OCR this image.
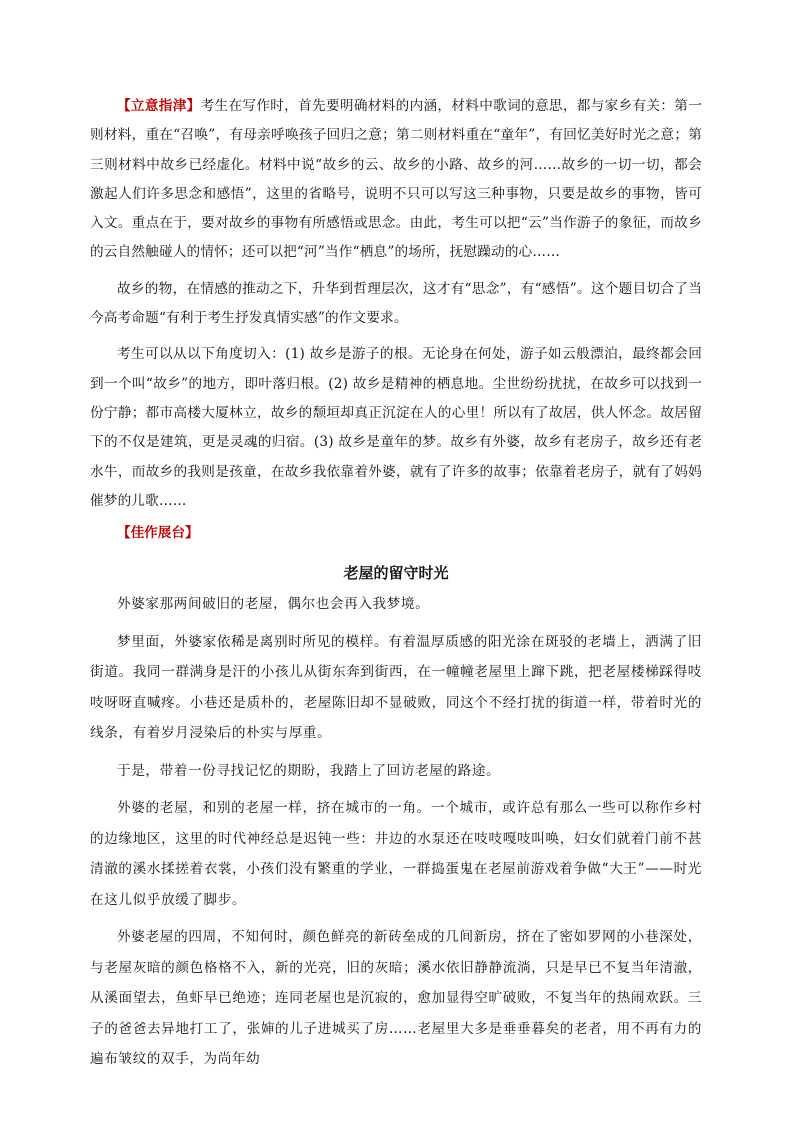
【立意指津】考生在写作时，首先要明确材料的内涵，材料中歌词的意思，都与家乡有关：第一则材料，重在“召唤”，有母亲呼唤孩子回归之意；第二则材料重在“童年”，有回忆美好时光之意；第三则材料中故乡已经虚化。材料中说“故乡的云、故乡的小路、故乡的河……故乡的一切一切，都会激起人们许多思念和感悟”，这里的省略号，说明不只可以写这三种事物，只要是故乡的事物，皆可入文。重点在于，要对故乡的事物有所感悟或思念。由此，考生可以把“云”当作游子的象征，而故乡的云自然触碰人的情怀；还可以把“河”当作“栖息”的场所，抚慰躁动的心……

故乡的物，在情感的推动之下，升华到哲理层次，这才有“思念”，有“感悟”。这个题目切合了当今高考命题“有利于考生抒发真情实感”的作文要求。

考生可以从以下角度切入：(1) 故乡是游子的根。无论身在何处，游子如云般漂泊，最终都会回到一个叫“故乡”的地方，即叶落归根。(2) 故乡是精神的栖息地。尘世纷纷扰扰，在故乡可以找到一份宁静；都市高楼大厦林立，故乡的颓垣却真正沉淀在人的心里！所以有了故居，供人怀念。故居留下的不仅是建筑，更是灵魂的归宿。(3) 故乡是童年的梦。故乡有外婆，故乡有老房子，故乡还有老水牛，而故乡的我则是孩童，在故乡我依靠着外婆，就有了许多的故事；依靠着老房子，就有了妈妈催梦的儿歌……

【佳作展台】

老屋的留守时光

外婆家那两间破旧的老屋，偶尔也会再入我梦境。

梦里面，外婆家依稀是离别时所见的模样。有着温厚质感的阳光涂在斑驳的老墙上，洒满了旧街道。我同一群满身是汗的小孩儿从街东奔到街西，在一幢幢老屋里上蹿下跳，把老屋楼梯踩得吱吱呀呀直喊疼。小巷还是质朴的，老屋陈旧却不显破败，同这个不经打扰的街道一样，带着时光的线条，有着岁月浸染后的朴实与厚重。

于是，带着一份寻找记忆的期盼，我踏上了回访老屋的路途。

外婆的老屋，和别的老屋一样，挤在城市的一角。一个城市，或许总有那么一些可以称作乡村的边缘地区，这里的时代神经总是迟钝一些：井边的水泵还在吱吱嘎吱叫唤，妇女们就着门前不甚清澈的溪水揉搓着衣裳，小孩们没有繁重的学业，一群捣蛋鬼在老屋前游戏着争做“大王”——时光在这儿似乎放缓了脚步。

外婆老屋的四周，不知何时，颜色鲜亮的新砖垒成的几间新房，挤在了密如罗网的小巷深处，与老屋灰暗的颜色格格不入，新的光亮，旧的灰暗；溪水依旧静静流淌，只是早已不复当年清澈，从溪面望去，鱼虾早已绝迹；连同老屋也是沉寂的，愈加显得空旷破败，不复当年的热闹欢跃。三子的爸爸去异地打工了，张婶的儿子进城买了房……老屋里大多是垂垂暮矣的老者，用不再有力的遍布皱纹的双手，为尚年幼
